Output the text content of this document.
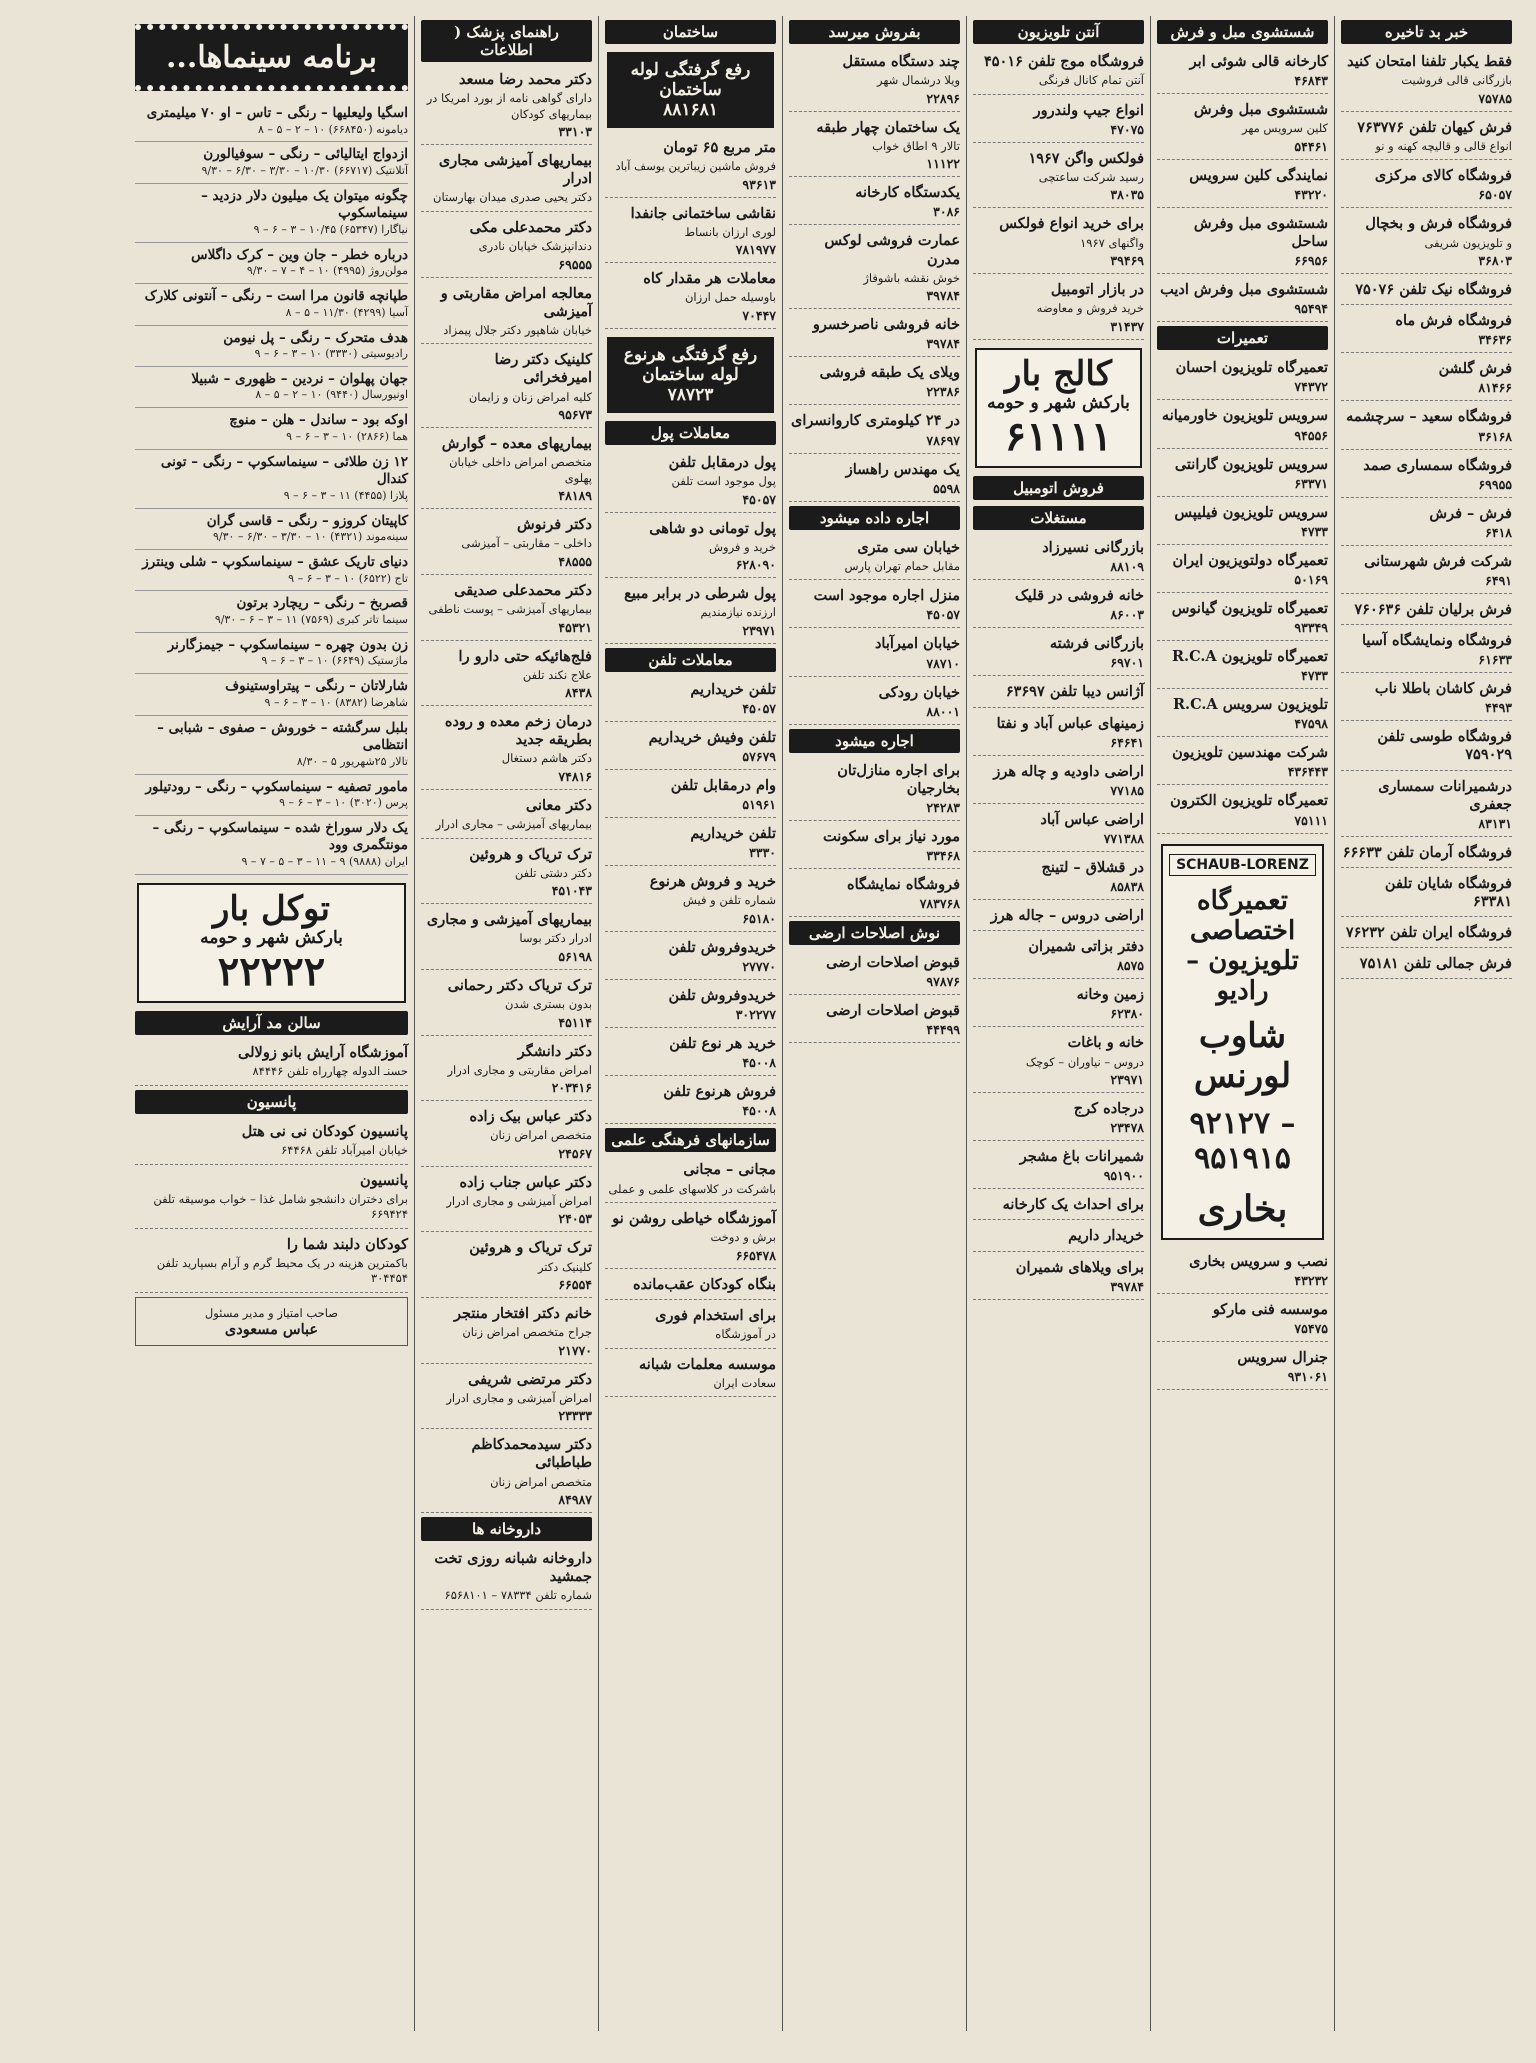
خبر بد تاخیره
فقط یکبار تلفنا امتحان کنید
بازرگانی قالی فروشیت
۷۵۷۸۵
فرش کیهان تلفن ۷۶۳۷۷۶
انواع قالی و قالیچه کهنه و نو
فروشگاه کالای مرکزی
۶۵۰۵۷
فروشگاه فرش و بخچال
و تلویزیون شریفی
۳۶۸۰۳
فروشگاه نیک تلفن ۷۵۰۷۶
فروشگاه فرش ماه
۳۴۶۳۶
فرش گلشن
۸۱۴۶۶
فروشگاه سعید – سرچشمه
۳۶۱۶۸
فروشگاه سمساری صمد
۶۹۹۵۵
فرش – فرش
۶۴۱۸
شرکت فرش شهرستانی
۶۴۹۱
فرش برلیان تلفن ۷۶۰۶۳۶
فروشگاه ونمایشگاه آسیا
۶۱۶۳۳
فرش کاشان باطلا ناب
۴۴۹۳
فروشگاه طوسی تلفن ۷۵۹۰۲۹
درشمیرانات سمساری جعفری
۸۳۱۳۱
فروشگاه آرمان تلفن ۶۶۶۳۳
فروشگاه شایان تلفن ۶۳۳۸۱
فروشگاه ایران تلفن ۷۶۲۳۲
فرش جمالی تلفن ۷۵۱۸۱
شستشوی مبل و فرش
کارخانه قالی شوئی ابر
۴۶۸۴۳
شستشوی مبل وفرش
کلین سرویس مهر
۵۴۴۶۱
نمایندگی کلین سرویس
۴۳۲۲۰
شستشوی مبل وفرش ساحل
۶۶۹۵۶
شستشوی مبل وفرش ادیب
۹۵۴۹۴
تعمیرات
تعمیرگاه تلویزیون احسان
۷۴۳۷۲
سرویس تلویزیون خاورمیانه
۹۴۵۵۶
سرویس تلویزیون گارانتی
۶۳۳۷۱
سرویس تلویزیون فیلیپس
۴۷۳۳
تعمیرگاه دولتویزیون ایران
۵۰۱۶۹
تعمیرگاه تلویزیون گیانوس
۹۳۳۴۹
تعمیرگاه تلویزیون R.C.A
۴۷۳۳
تلویزیون سرویس R.C.A
۴۷۵۹۸
شرکت مهندسین تلویزیون
۴۳۶۴۴۳
تعمیرگاه تلویزیون الکترون
۷۵۱۱۱
SCHAUB-LORENZ
تعمیرگاه اختصاصی
تلویزیون – رادیو
شاوب لورنس
۹۲۱۲۷ – ۹۵۱۹۱۵
بخاری
نصب و سرویس بخاری
۴۳۲۳۲
موسسه فنی مارکو
۷۵۴۷۵
جنرال سرویس
۹۳۱۰۶۱
آنتن تلویزیون
فروشگاه موج تلفن ۴۵۰۱۶
آنتن تمام کانال فرنگی
انواع جیپ ولندرور
۴۷۰۷۵
فولکس واگن ۱۹۶۷
رسید شرکت ساعتچی
۳۸۰۳۵
برای خرید انواع فولکس
واگنهای ۱۹۶۷
۳۹۴۶۹
در بازار اتومبیل
خرید فروش و معاوضه
۳۱۴۳۷
کالج بار
بارکش شهر و حومه
۶۱۱۱۱
فروش اتومبیل
مستغلات
بازرگانی نسیرزاد
۸۸۱۰۹
خانه فروشی در قلیک
۸۶۰۰۳
بازرگانی فرشته
۶۹۷۰۱
آژانس دیبا تلفن ۶۳۶۹۷
زمینهای عباس آباد و نفتا
۶۴۶۴۱
اراضی داودیه و چاله هرز
۷۷۱۸۵
اراضی عباس آباد
۷۷۱۳۸۸
در قشلاق – لتینج
۸۵۸۳۸
اراضی دروس – جاله هرز
دفتر بزاتی شمیران
۸۵۷۵
زمین وخانه
۶۲۳۸۰
خانه و باغات
دروس – نیاوران – کوچک
۲۳۹۷۱
درجاده کرج
۲۳۴۷۸
شمیرانات باغ مشجر
۹۵۱۹۰۰
برای احداث یک کارخانه
خریدار داریم
برای ویلاهای شمیران
۳۹۷۸۴
بفروش میرسد
چند دستگاه مستقل
ویلا درشمال شهر
۲۲۸۹۶
یک ساختمان چهار طبقه
تالار ۹ اطاق خواب
۱۱۱۲۲
یکدستگاه کارخانه
۳۰۸۶
عمارت فروشی لوکس مدرن
خوش نقشه باشوفاژ
۳۹۷۸۴
خانه فروشی ناصرخسرو
۳۹۷۸۴
ویلای یک طبقه فروشی
۲۲۳۸۶
در ۲۴ کیلومتری کاروانسرای
۷۸۶۹۷
یک مهندس راهساز
۵۵۹۸
اجاره داده میشود
خیابان سی متری
مقابل حمام تهران پارس
منزل اجاره موجود است
۴۵۰۵۷
خیابان امیرآباد
۷۸۷۱۰
خیابان رودکی
۸۸۰۰۱
اجاره میشود
برای اجاره منازل‌تان بخارجیان
۲۴۲۸۳
مورد نیاز برای سکونت
۳۳۴۶۸
فروشگاه نمایشگاه
۷۸۳۷۶۸
نوش اصلاحات ارضی
قبوض اصلاحات ارضی
۹۷۸۷۶
قبوض اصلاحات ارضی
۴۴۴۹۹
ساختمان
رفع گرفتگی لوله ساختمان
۸۸۱۶۸۱
متر مربع ۶۵ تومان
فروش ماشین زیباترین یوسف آباد
۹۳۶۱۳
نقاشی ساختمانی جانفدا
لوری ارزان بانساط
۷۸۱۹۷۷
معاملات هر مقدار کاه
باوسیله حمل ارزان
۷۰۴۴۷
رفع گرفتگی هرنوع لوله ساختمان
۷۸۷۲۳
معاملات پول
پول درمقابل تلفن
پول موجود است تلفن
۴۵۰۵۷
پول تومانی دو شاهی
خرید و فروش
۶۲۸۰۹۰
پول شرطی در برابر مبیع
ارزنده نیازمندیم
۲۳۹۷۱
معاملات تلفن
تلفن خریداریم
۴۵۰۵۷
تلفن وفیش خریداریم
۵۷۶۷۹
وام درمقابل تلفن
۵۱۹۶۱
تلفن خریداریم
۳۳۳۰
خرید و فروش هرنوع
شماره تلفن و فیش
۶۵۱۸۰
خریدوفروش تلفن
۲۷۷۷۰
خریدوفروش تلفن
۳۰۲۲۷۷
خرید هر نوع تلفن
۴۵۰۰۸
فروش هرنوع تلفن
۴۵۰۰۸
سازمانهای فرهنگی علمی
مجانی – مجانی
باشرکت در کلاسهای علمی و عملی
آموزشگاه خیاطی روشن نو
برش و دوخت
۶۶۵۴۷۸
بنگاه کودکان عقب‌مانده
برای استخدام فوری
در آموزشگاه
موسسه معلمات شبانه
سعادت ایران
راهنمای پزشک ( اطلاعات
دکتر محمد رضا مسعد
دارای گواهی نامه از بورد امریکا در بیماریهای کودکان
۳۳۱۰۳
بیماریهای آمیزشی مجاری ادرار
دکتر یحیی صدری میدان بهارستان
دکتر محمدعلی مکی
دندانپزشک خیابان نادری
۶۹۵۵۵
معالجه امراض مقاربتی و آمیزشی
خیابان شاهپور دکتر جلال پیمزاد
کلینیک دکتر رضا امیرفخرائی
کلیه امراض زنان و زایمان
۹۵۶۷۳
بیماریهای معده – گوارش
متخصص امراض داخلی خیابان پهلوی
۴۸۱۸۹
دکتر فرنوش
داخلی – مقاربتی – آمیزشی
۴۸۵۵۵
دکتر محمدعلی صدیقی
بیماریهای آمیزشی – پوست ناطفی
۴۵۳۲۱
فلج‌هائیکه حتی دارو را
علاج نکند تلفن
۸۴۳۸
درمان زخم معده و روده بطریقه جدید
دکتر هاشم دستغال
۷۴۸۱۶
دکتر معانی
بیماریهای آمیزشی – مجاری ادرار
ترک تریاک و هروئین
دکتر دشتی تلفن
۴۵۱۰۴۳
بیماریهای آمیزشی و مجاری
ادرار دکتر بوسا
۵۶۱۹۸
ترک تریاک دکتر رحمانی
بدون بستری شدن
۴۵۱۱۴
دکتر دانشگر
امراض مقاربتی و مجاری ادرار
۲۰۳۴۱۶
دکتر عباس بیک زاده
متخصص امراض زنان
۲۴۵۶۷
دکتر عباس جناب زاده
امراض آمیزشی و مجاری ادرار
۲۴۰۵۳
ترک تریاک و هروئین
کلینیک دکتر
۶۶۵۵۴
خانم دکتر افتخار منتجر
جراح متخصص امراض زنان
۲۱۷۷۰
دکتر مرتضی شریفی
امراض آمیزشی و مجاری ادرار
۲۳۳۳۳
دکتر سیدمحمدکاظم طباطبائی
متخصص امراض زنان
۸۴۹۸۷
داروخانه ها
داروخانه شبانه روزی تخت جمشید
شماره تلفن ۷۸۳۳۴ – ۶۵۶۸۱۰۱
برنامه سینماها...
اسگیا ولیعلیها – رنگی – تاس – او ۷۰ میلیمتری
دیامونه (۶۶۸۴۵۰) ۱۰ – ۲ – ۵ – ۸
ازدواج ایتالیائی – رنگی – سوفیالورن
آتلانتیک (۶۶۷۱۷) ۱۰/۳۰ – ۳/۳۰ – ۶/۳۰ – ۹/۳۰
چگونه میتوان یک میلیون دلار دزدید – سینماسکوپ
نیاگارا (۶۵۳۴۷) ۱۰/۴۵ – ۳ – ۶ – ۹
درباره خطر – جان وین – کرک داگلاس
مولن‌روژ (۴۹۹۵) ۱۰ – ۴ – ۷ – ۹/۳۰
طپانچه قانون مرا است – رنگی – آنتونی کلارک
آسیا (۴۲۹۹) ۱۱/۳۰ – ۵ – ۸
هدف متحرک – رنگی – پل نیومن
رادیوسیتی (۳۳۳۰) ۱۰ – ۳ – ۶ – ۹
جهان پهلوان – نردین – ظهوری – شبیلا
اونیورسال (۹۴۴۰) ۱۰ – ۲ – ۵ – ۸
اوکه بود – ساندل – هلن – منوچ
هما (۲۸۶۶) ۱۰ – ۳ – ۶ – ۹
۱۲ زن طلائی – سینماسکوپ – رنگی – تونی کندال
پلازا (۴۴۵۵) ۱۱ – ۳ – ۶ – ۹
کاپیتان کروزو – رنگی – قاسی گران
سینه‌موند (۴۳۲۱) ۱۰ – ۳/۳۰ – ۶/۳۰ – ۹/۳۰
دنیای تاریک عشق – سینماسکوپ – شلی وینترز
تاج (۶۵۲۲) ۱۰ – ۳ – ۶ – ۹
قصربخ – رنگی – ریچارد برتون
سینما تاتر کبری (۷۵۶۹) ۱۱ – ۳ – ۶ – ۹/۳۰
زن بدون چهره – سینماسکوپ – جیمزگارنر
ماژستیک (۶۶۴۹) ۱۰ – ۳ – ۶ – ۹
شارلاتان – رنگی – پیتراوستینوف
شاهرضا (۸۳۸۲) ۱۰ – ۳ – ۶ – ۹
بلبل سرگشته – خوروش – صفوی – شبابی – انتظامی
تالار ۲۵شهریور ۵ – ۸/۳۰
مامور تصفیه – سینماسکوپ – رنگی – رودتیلور
پرس (۳۰۲۰) ۱۰ – ۳ – ۶ – ۹
یک دلار سوراخ شده – سینماسکوپ – رنگی – مونتگمری وود
ایران (۹۸۸۸) ۹ – ۱۱ – ۳ – ۵ – ۷ – ۹
توکل بار
بارکش شهر و حومه
۲۲۲۲۲
سالن مد آرایش
آموزشگاه آرایش بانو زولالی
حسنـ الدوله چهارراه تلفن ۸۴۴۴۶
پانسیون
پانسیون کودکان نی نی هتل
خیابان امیرآباد تلفن ۶۴۴۶۸
پانسیون
برای دختران دانشجو شامل غذا – خواب موسیقه تلفن ۶۶۹۴۲۴
کودکان دلبند شما را
باکمترین هزینه در یک محیط گرم و آرام بسپارید تلفن ۳۰۴۴۵۴
صاحب امتیاز و مدیر مسئول
عباس مسعودی
